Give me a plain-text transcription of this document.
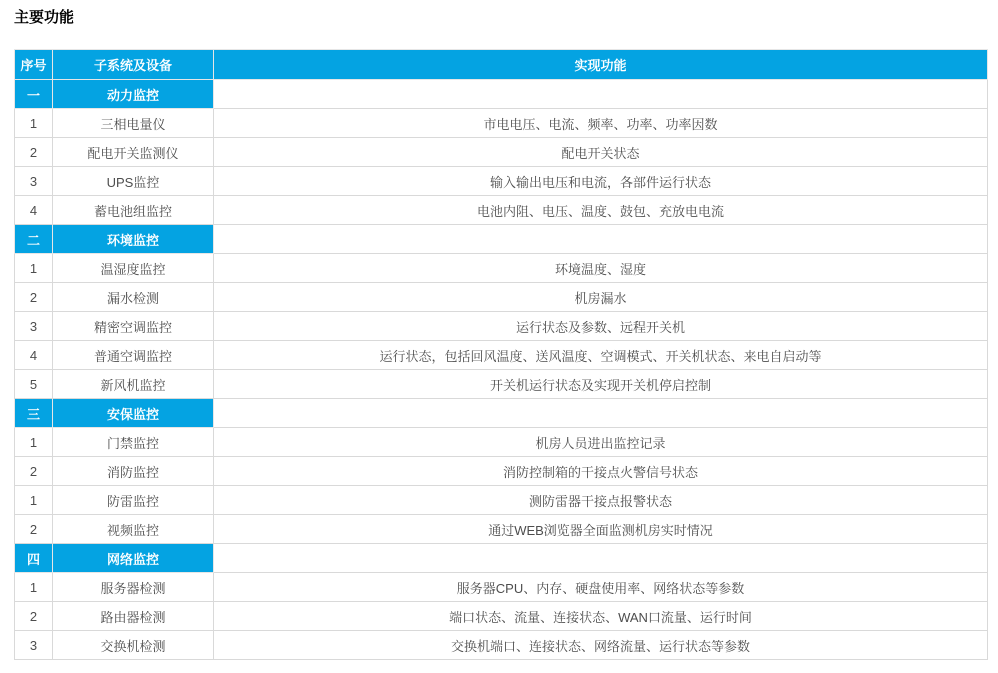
主要功能
序号	子系统及设备	实现功能
一	动力监控	
1	三相电量仪	市电电压、电流、频率、功率、功率因数
2	配电开关监测仪	配电开关状态
3	UPS监控	输入输出电压和电流，各部件运行状态
4	蓄电池组监控	电池内阻、电压、温度、鼓包、充放电电流
二	环境监控	
1	温湿度监控	环境温度、湿度
2	漏水检测	机房漏水
3	精密空调监控	运行状态及参数、远程开关机
4	普通空调监控	运行状态，包括回风温度、送风温度、空调模式、开关机状态、来电自启动等
5	新风机监控	开关机运行状态及实现开关机停启控制
三	安保监控	
1	门禁监控	机房人员进出监控记录
2	消防监控	消防控制箱的干接点火警信号状态
1	防雷监控	测防雷器干接点报警状态
2	视频监控	通过WEB浏览器全面监测机房实时情况
四	网络监控	
1	服务器检测	服务器CPU、内存、硬盘使用率、网络状态等参数
2	路由器检测	端口状态、流量、连接状态、WAN口流量、运行时间
3	交换机检测	交换机端口、连接状态、网络流量、运行状态等参数
